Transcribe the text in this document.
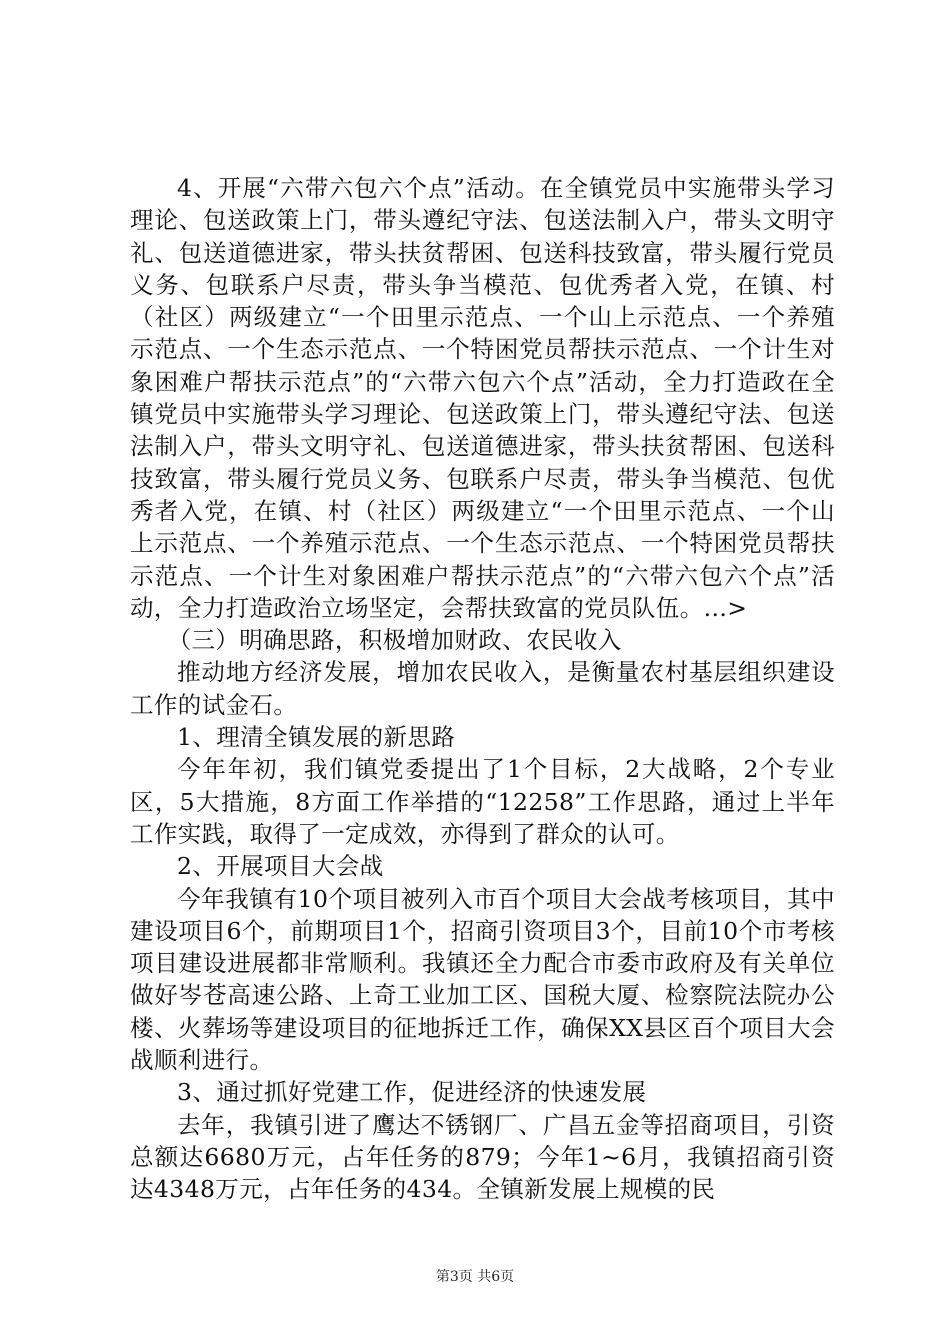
4、开展“六带六包六个点”活动。在全镇党员中实施带头学习理论、包送政策上门，带头遵纪守法、包送法制入户，带头文明守礼、包送道德进家，带头扶贫帮困、包送科技致富，带头履行党员义务、包联系户尽责，带头争当模范、包优秀者入党，在镇、村（社区）两级建立“一个田里示范点、一个山上示范点、一个养殖示范点、一个生态示范点、一个特困党员帮扶示范点、一个计生对象困难户帮扶示范点”的“六带六包六个点”活动，全力打造政在全镇党员中实施带头学习理论、包送政策上门，带头遵纪守法、包送法制入户，带头文明守礼、包送道德进家，带头扶贫帮困、包送科技致富，带头履行党员义务、包联系户尽责，带头争当模范、包优秀者入党，在镇、村（社区）两级建立“一个田里示范点、一个山上示范点、一个养殖示范点、一个生态示范点、一个特困党员帮扶示范点、一个计生对象困难户帮扶示范点”的“六带六包六个点”活动，全力打造政治立场坚定，会帮扶致富的党员队伍。...>

（三）明确思路，积极增加财政、农民收入

推动地方经济发展，增加农民收入，是衡量农村基层组织建设工作的试金石。

1、理清全镇发展的新思路

今年年初，我们镇党委提出了1个目标，2大战略，2个专业区，5大措施，8方面工作举措的“12258”工作思路，通过上半年工作实践，取得了一定成效，亦得到了群众的认可。

2、开展项目大会战

今年我镇有10个项目被列入市百个项目大会战考核项目，其中建设项目6个，前期项目1个，招商引资项目3个，目前10个市考核项目建设进展都非常顺利。我镇还全力配合市委市政府及有关单位做好岑苍高速公路、上奇工业加工区、国税大厦、检察院法院办公楼、火葬场等建设项目的征地拆迁工作，确保XX县区百个项目大会战顺利进行。

3、通过抓好党建工作，促进经济的快速发展

去年，我镇引进了鹰达不锈钢厂、广昌五金等招商项目，引资总额达6680万元，占年任务的879；今年1~6月，我镇招商引资达4348万元，占年任务的434。全镇新发展上规模的民

第3页 共6页
